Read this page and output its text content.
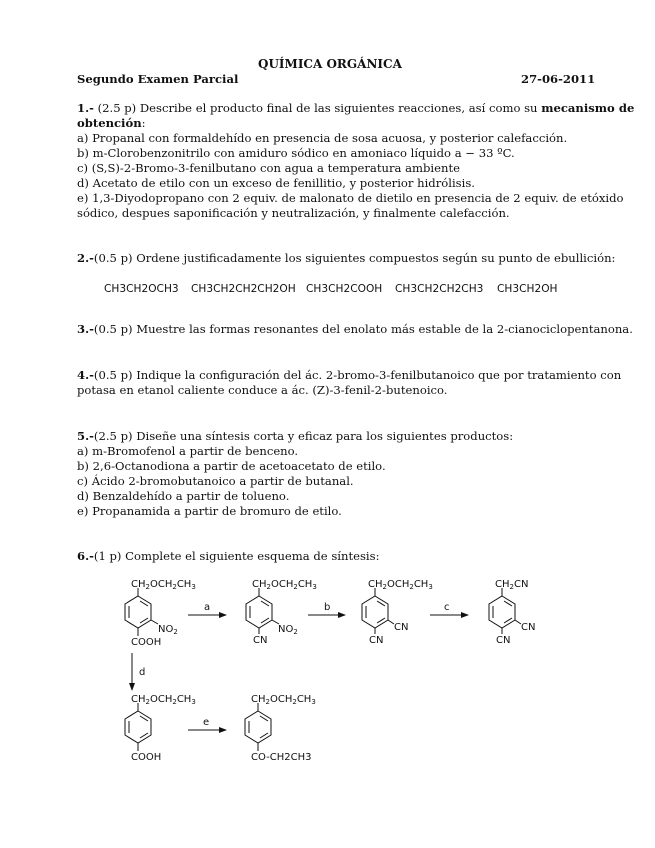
QUÍMICA ORGÁNICA
Segundo Examen Parcial	27-06-2011
1.- (2.5 p) Describe el producto final de las siguientes reacciones, así como su mecanismo de
obtención:
a) Propanal con formaldehído en presencia de sosa acuosa, y posterior calefacción.
b) m-Clorobenzonitrilo con amiduro sódico en amoniaco líquido a − 33 ºC.
c) (S,S)-2-Bromo-3-fenilbutano con agua a temperatura ambiente
d) Acetato de etilo con un exceso de fenillitio, y posterior hidrólisis.
e) 1,3-Diyodopropano con 2 equiv. de malonato de dietilo en presencia de 2 equiv. de etóxido
sódico, despues saponificación y neutralización, y finalmente calefacción.
2.-(0.5 p) Ordene justificadamente los siguientes compuestos según su punto de ebullición:
CH3CH2OCH3 CH3CH2CH2CH2OH CH3CH2COOH CH3CH2CH2CH3 CH3CH2OH
3.-(0.5 p) Muestre las formas resonantes del enolato más estable de la 2-cianociclopentanona.
4.-(0.5 p) Indique la configuración del ác. 2-bromo-3-fenilbutanoico que por tratamiento con
potasa en etanol caliente conduce a ác. (Z)-3-fenil-2-butenoico.
5.-(2.5 p) Diseñe una síntesis corta y eficaz para los siguientes productos:
a) m-Bromofenol a partir de benceno.
b) 2,6-Octanodiona a partir de acetoacetato de etilo.
c) Ácido 2-bromobutanoico a partir de butanal.
d) Benzaldehído a partir de tolueno.
e) Propanamida a partir de bromuro de etilo.
6.-(1 p) Complete el siguiente esquema de síntesis:
$CH_2OCH_2CH_3$
$NO_2$
COOH
a
$CH_2OCH_2CH_3$
$NO_2$
CN
b
$CH_2OCH_2CH_3$
CN
CN
c
$CH_2CN$
CN
CN
d
$CH_2OCH_2CH_3$
COOH
e
$CH_2OCH_2CH_3$
CO-CH2CH3
